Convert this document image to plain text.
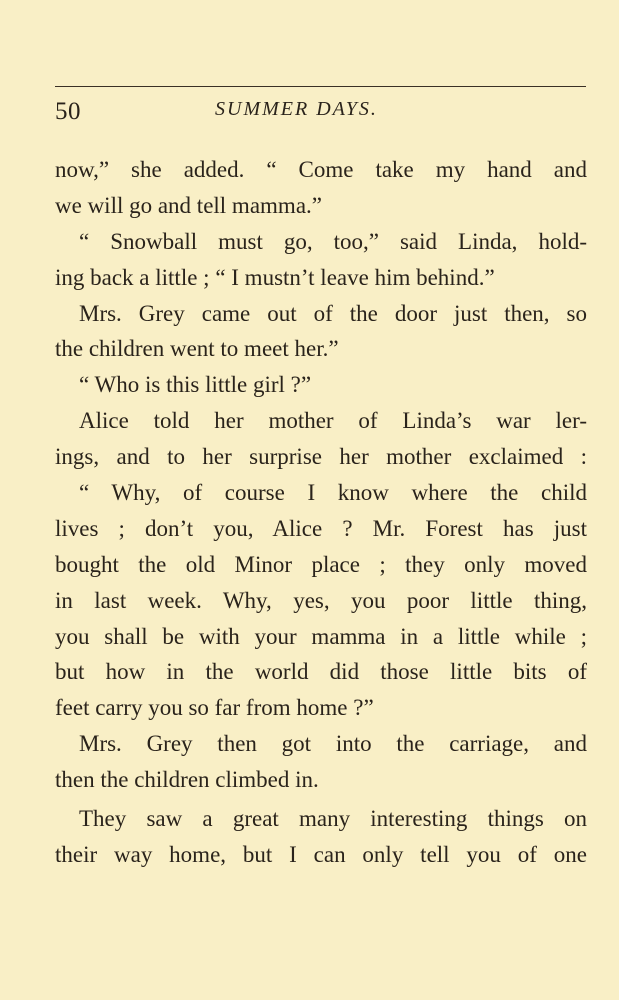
50	SUMMER DAYS.
now,” she added. “ Come take my hand and
we will go and tell mamma.”
“ Snowball must go, too,” said Linda, hold-
ing back a little ; “ I mustn’t leave him behind.”
Mrs. Grey came out of the door just then, so
the children went to meet her.”
“ Who is this little girl ?”
Alice told her mother of Linda’s war ler-
ings, and to her surprise her mother exclaimed :
“ Why, of course I know where the child
lives ; don’t you, Alice ? Mr. Forest has just
bought the old Minor place ; they only moved
in last week. Why, yes, you poor little thing,
you shall be with your mamma in a little while ;
but how in the world did those little bits of
feet carry you so far from home ?”
Mrs. Grey then got into the carriage, and
then the children climbed in.
They saw a great many interesting things on
their way home, but I can only tell you of one
